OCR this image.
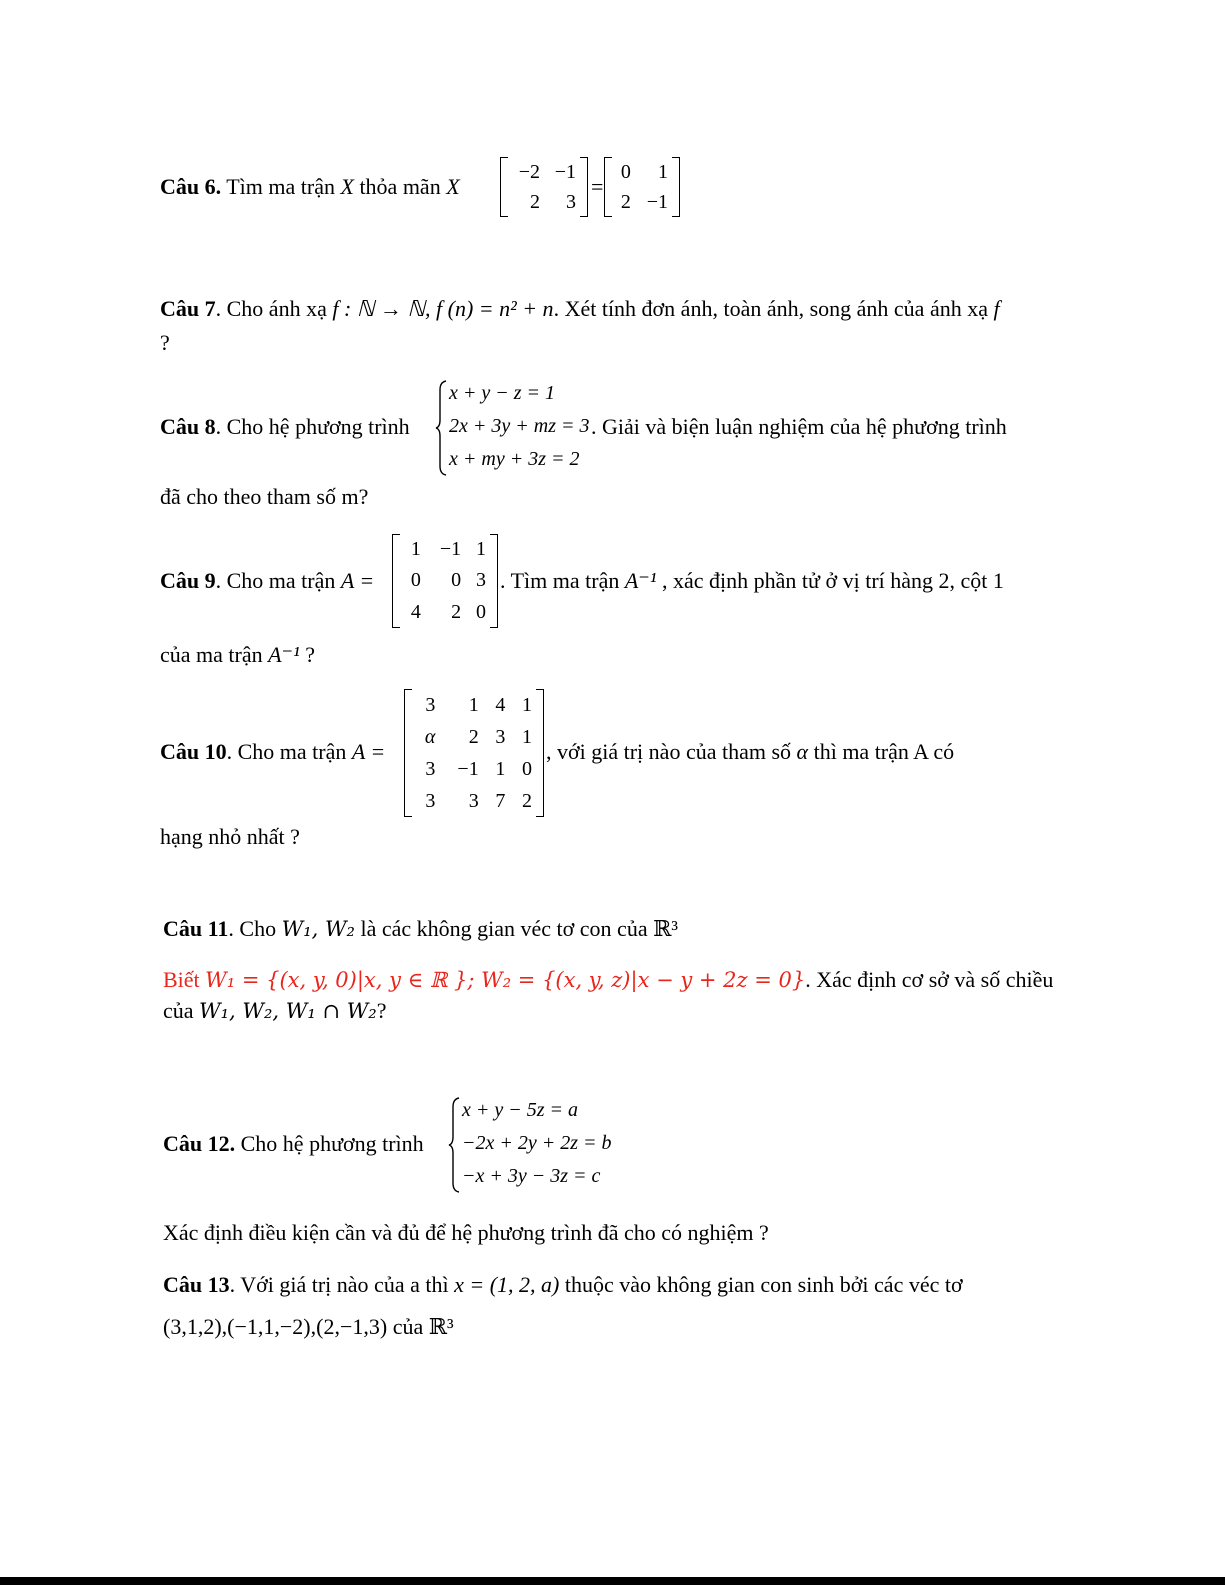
Câu 6. Tìm ma trận X thỏa mãn X
−2	−1
2	3
=
0	1
2	−1
Câu 7. Cho ánh xạ f : ℕ → ℕ, f (n) = n² + n. Xét tính đơn ánh, toàn ánh, song ánh của ánh xạ f
?
Câu 8. Cho hệ phương trình
x + y − z = 1
2x + 3y + mz = 3
x + my + 3z = 2
. Giải và biện luận nghiệm của hệ phương trình
đã cho theo tham số m?
Câu 9. Cho ma trận A =
1	−1	1
0	0	3
4	2	0
. Tìm ma trận A⁻¹ , xác định phần tử ở vị trí hàng 2, cột 1
của ma trận A⁻¹ ?
Câu 10. Cho ma trận A =
3	1	4	1
α	2	3	1
3	−1	1	0
3	3	7	2
, với giá trị nào của tham số α thì ma trận A có
hạng nhỏ nhất ?
Câu 11. Cho W₁, W₂ là các không gian véc tơ con của ℝ³
Biết W₁ = {(x, y, 0)|x, y ∈ ℝ }; W₂ = {(x, y, z)|x − y + 2z = 0}. Xác định cơ sở và số chiều
của W₁, W₂, W₁ ∩ W₂?
Câu 12. Cho hệ phương trình
x + y − 5z = a
−2x + 2y + 2z = b
−x + 3y − 3z = c
Xác định điều kiện cần và đủ để hệ phương trình đã cho có nghiệm ?
Câu 13. Với giá trị nào của a thì x = (1, 2, a) thuộc vào không gian con sinh bởi các véc tơ
(3,1,2),(−1,1,−2),(2,−1,3) của ℝ³
